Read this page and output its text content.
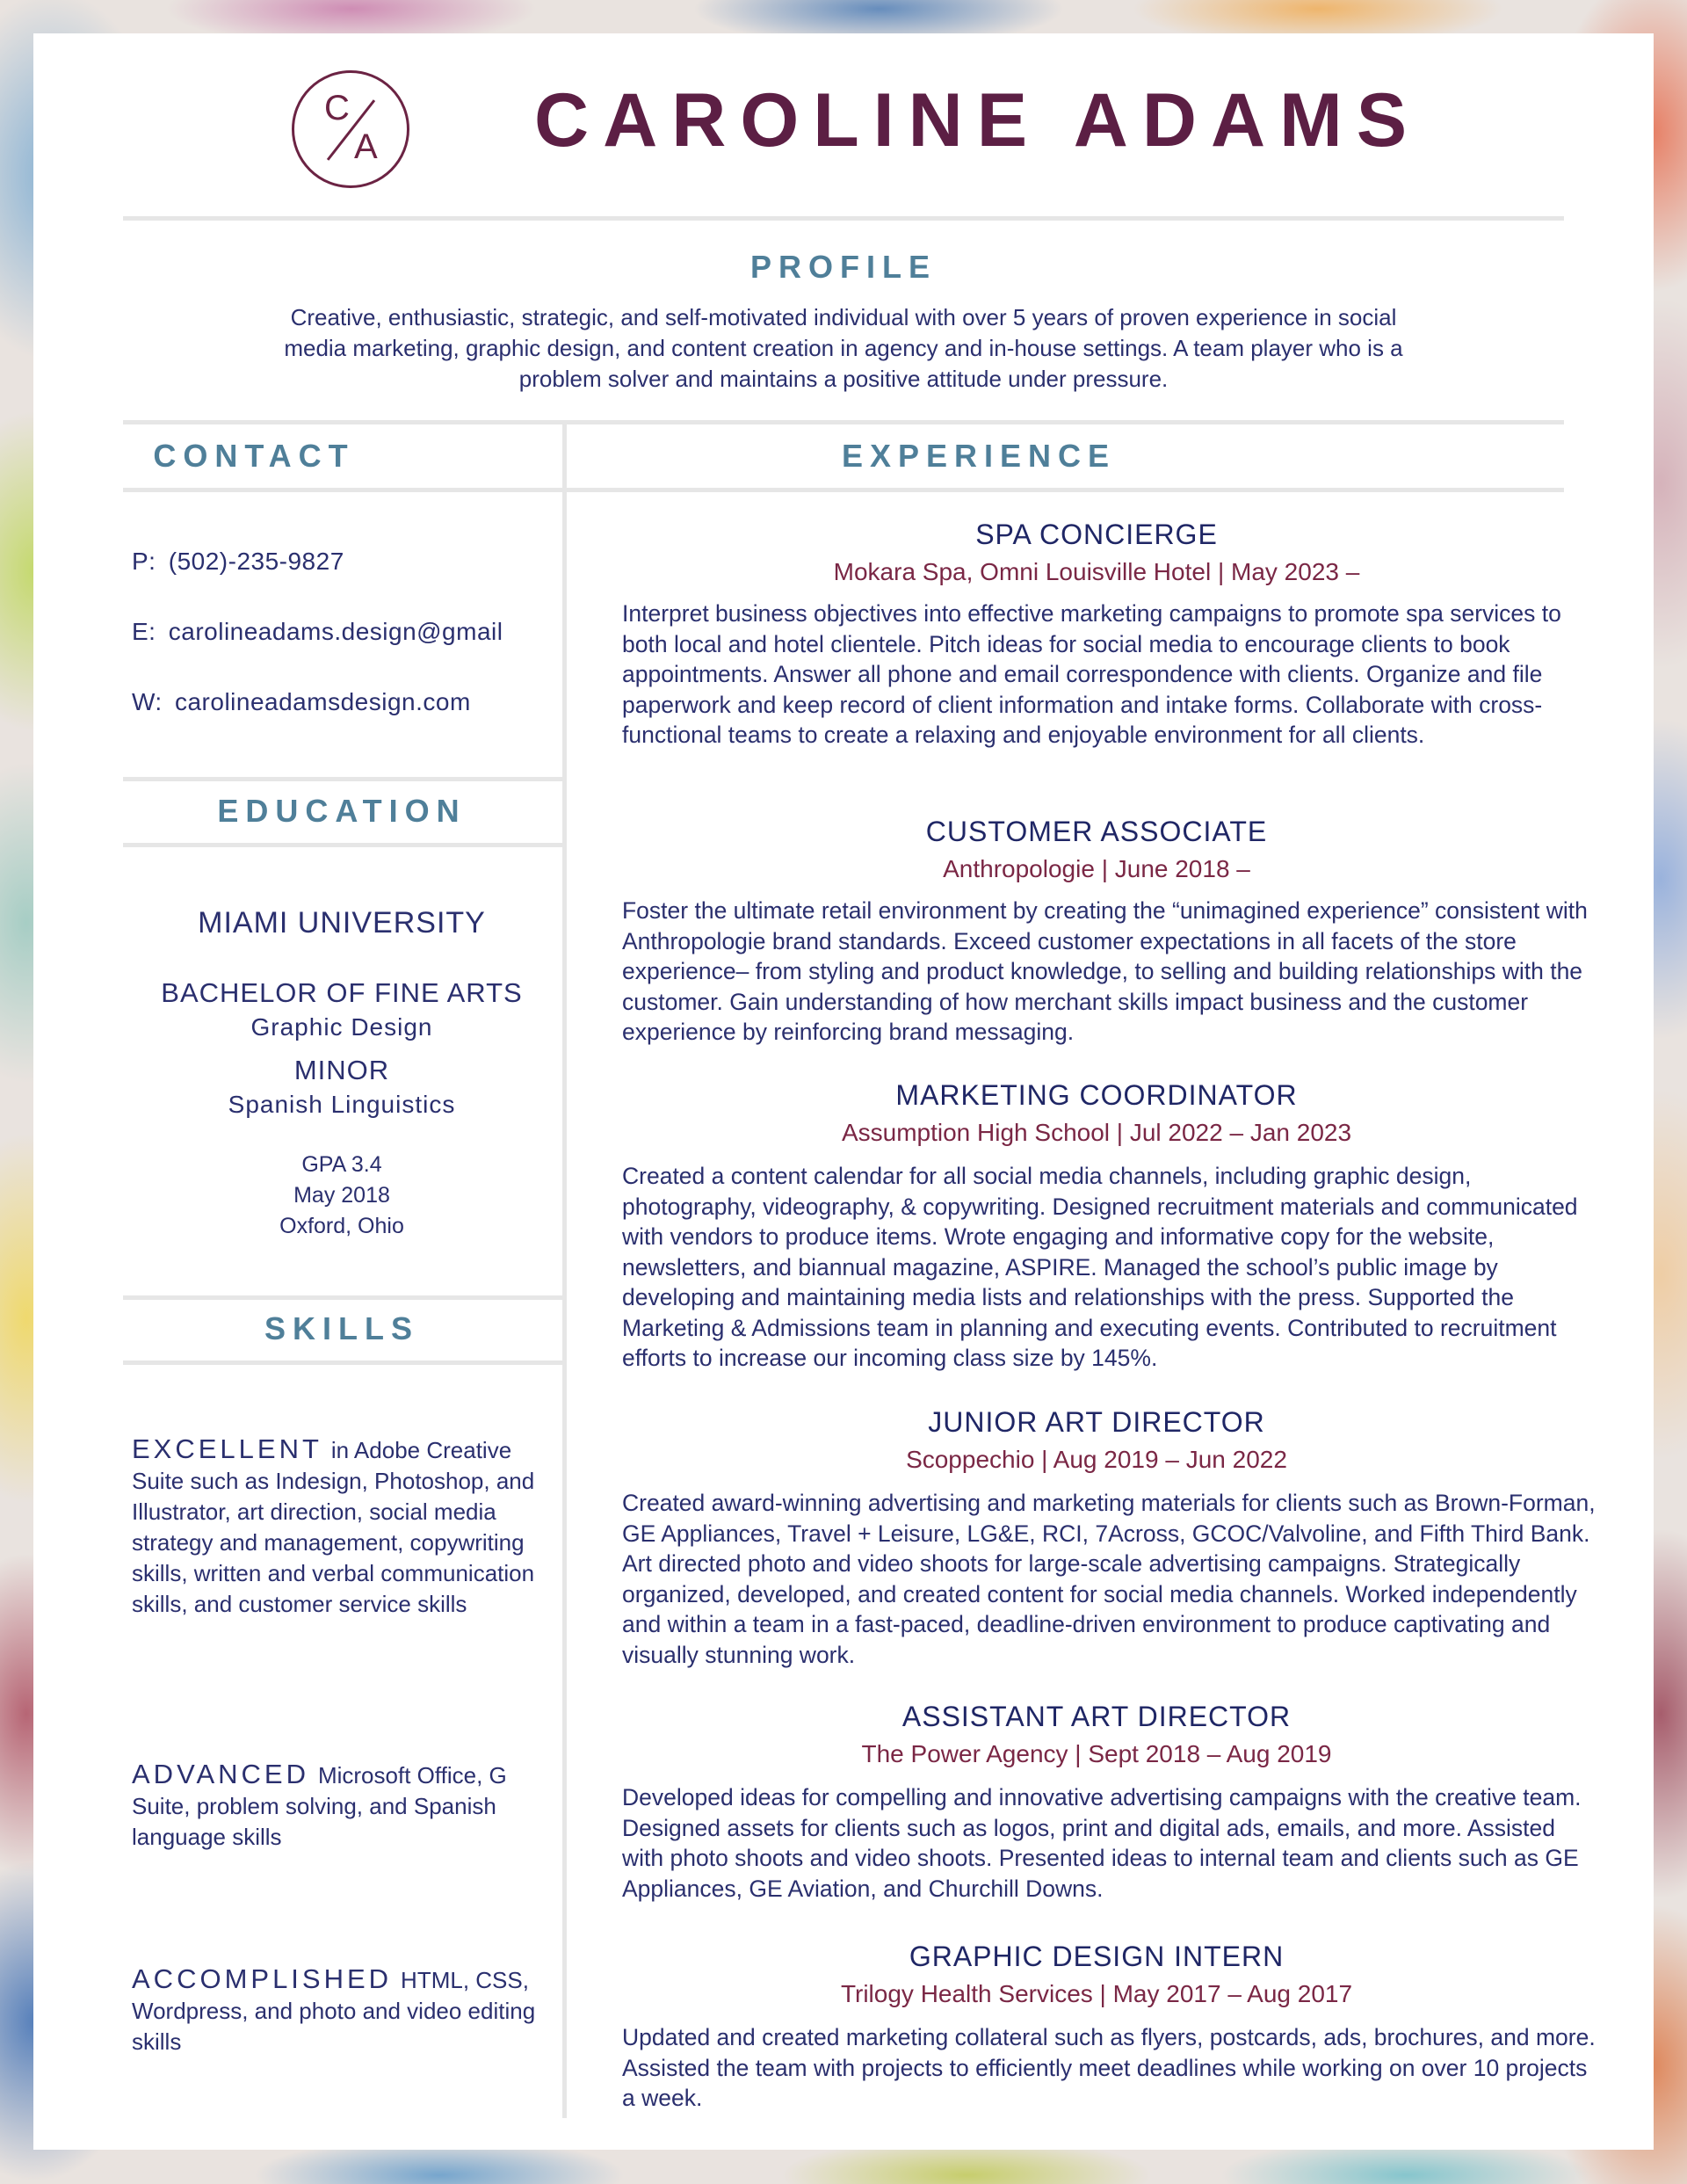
C
A CAROLINE ADAMS
PROFILE
Creative, enthusiastic, strategic, and self-motivated individual with over 5 years of proven experience in social media marketing, graphic design, and content creation in agency and in-house settings. A team player who is a problem solver and maintains a positive attitude under pressure.
CONTACT	EXPERIENCE
P: (502)-235-9827
E: carolineadams.design@gmail
W: carolineadamsdesign.com
EDUCATION
MIAMI UNIVERSITY
BACHELOR OF FINE ARTS
Graphic Design
MINOR
Spanish Linguistics
GPA 3.4
May 2018
Oxford, Ohio
SKILLS
EXCELLENT in Adobe Creative Suite such as Indesign, Photoshop, and Illustrator, art direction, social media strategy and management, copywriting skills, written and verbal communication skills, and customer service skills
ADVANCED Microsoft Office, G Suite, problem solving, and Spanish language skills
ACCOMPLISHED HTML, CSS, Wordpress, and photo and video editing skills
SPA CONCIERGE
Mokara Spa, Omni Louisville Hotel | May 2023 –
Interpret business objectives into effective marketing campaigns to promote spa services to both local and hotel clientele. Pitch ideas for social media to encourage clients to book appointments. Answer all phone and email correspondence with clients. Organize and file paperwork and keep record of client information and intake forms. Collaborate with cross-functional teams to create a relaxing and enjoyable environment for all clients.
CUSTOMER ASSOCIATE
Anthropologie | June 2018 –
Foster the ultimate retail environment by creating the “unimagined experience” consistent with Anthropologie brand standards. Exceed customer expectations in all facets of the store experience– from styling and product knowledge, to selling and building relationships with the customer. Gain understanding of how merchant skills impact business and the customer experience by reinforcing brand messaging.
MARKETING COORDINATOR
Assumption High School | Jul 2022 – Jan 2023
Created a content calendar for all social media channels, including graphic design, photography, videography, & copywriting. Designed recruitment materials and communicated with vendors to produce items. Wrote engaging and informative copy for the website, newsletters, and biannual magazine, ASPIRE. Managed the school’s public image by developing and maintaining media lists and relationships with the press. Supported the Marketing & Admissions team in planning and executing events. Contributed to recruitment efforts to increase our incoming class size by 145%.
JUNIOR ART DIRECTOR
Scoppechio | Aug 2019 – Jun 2022
Created award-winning advertising and marketing materials for clients such as Brown-Forman, GE Appliances, Travel + Leisure, LG&E, RCI, 7Across, GCOC/Valvoline, and Fifth Third Bank. Art directed photo and video shoots for large-scale advertising campaigns. Strategically organized, developed, and created content for social media channels. Worked independently and within a team in a fast-paced, deadline-driven environment to produce captivating and visually stunning work.
ASSISTANT ART DIRECTOR
The Power Agency | Sept 2018 – Aug 2019
Developed ideas for compelling and innovative advertising campaigns with the creative team. Designed assets for clients such as logos, print and digital ads, emails, and more. Assisted with photo shoots and video shoots. Presented ideas to internal team and clients such as GE Appliances, GE Aviation, and Churchill Downs.
GRAPHIC DESIGN INTERN
Trilogy Health Services | May 2017 – Aug 2017
Updated and created marketing collateral such as flyers, postcards, ads, brochures, and more. Assisted the team with projects to efficiently meet deadlines while working on over 10 projects a week.
